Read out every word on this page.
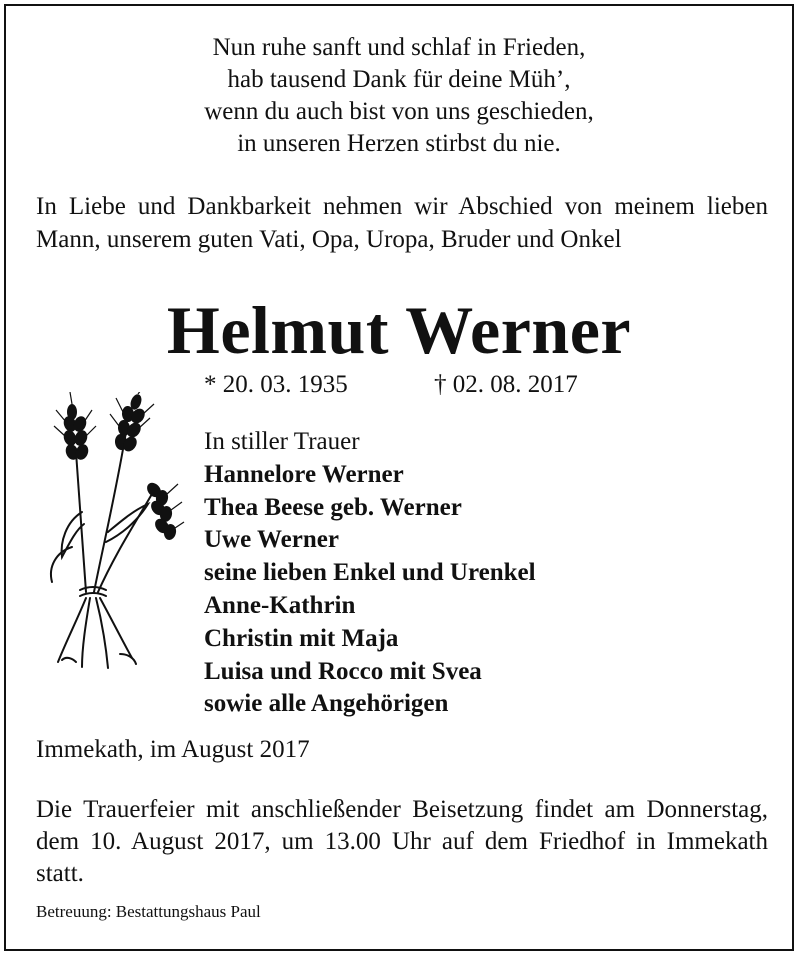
Nun ruhe sanft und schlaf in Frieden,
hab tausend Dank für deine Müh’,
wenn du auch bist von uns geschieden,
in unseren Herzen stirbst du nie.
In Liebe und Dankbarkeit nehmen wir Abschied von meinem lieben Mann, unserem guten Vati, Opa, Uropa, Bruder und Onkel
Helmut Werner
* 20. 03. 1935	† 02. 08. 2017
In stiller Trauer
Hannelore Werner
Thea Beese geb. Werner
Uwe Werner
seine lieben Enkel und Urenkel
Anne-Kathrin
Christin mit Maja
Luisa und Rocco mit Svea
sowie alle Angehörigen
Immekath, im August 2017
Die Trauerfeier mit anschließender Beisetzung findet am Donnerstag, dem 10. August 2017, um 13.00 Uhr auf dem Friedhof in Immekath statt.
Betreuung: Bestattungshaus Paul
